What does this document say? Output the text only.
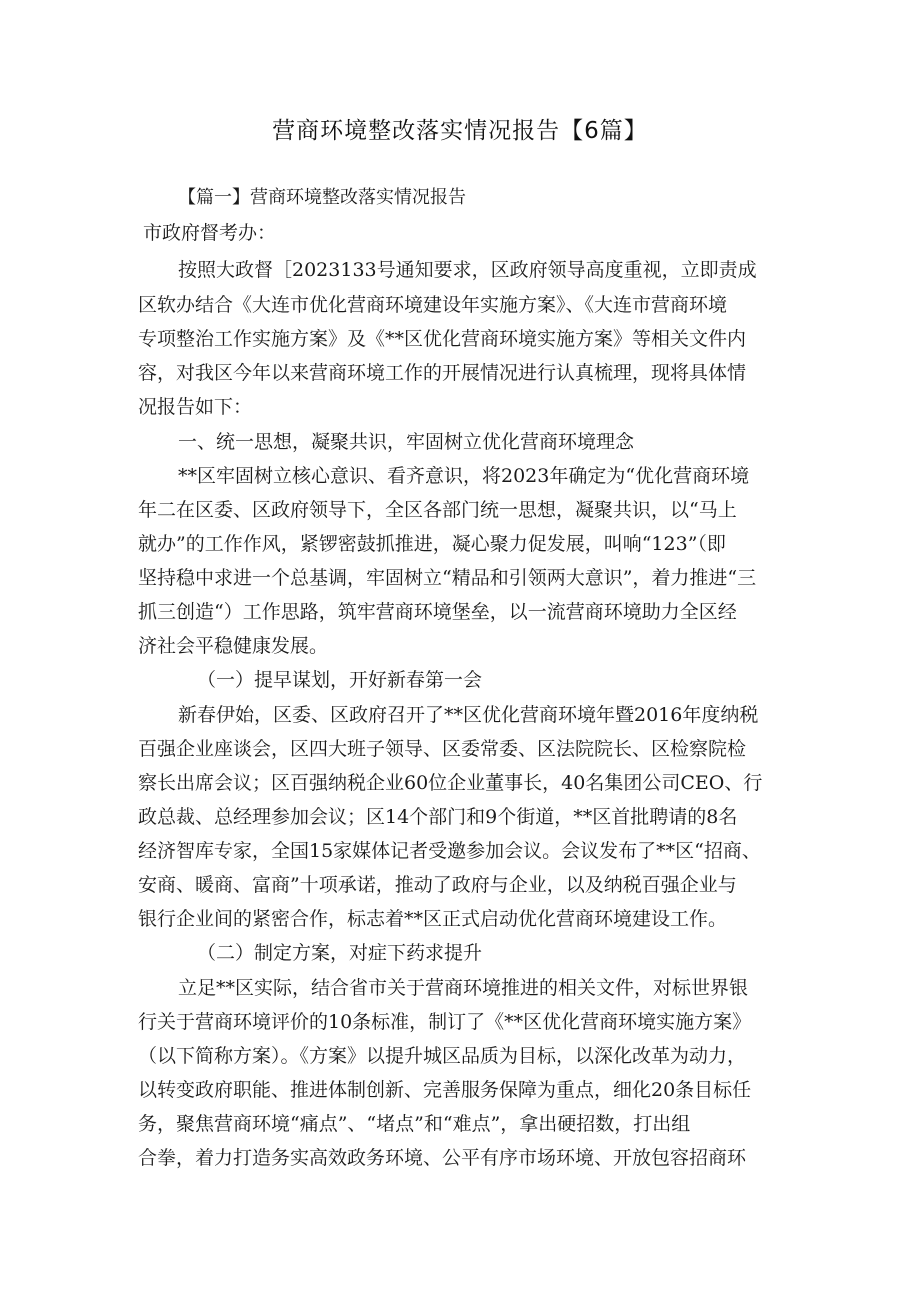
营商环境整改落实情况报告【6篇】
【篇一】营商环境整改落实情况报告
市政府督考办：
按照大政督［2023133号通知要求，区政府领导高度重视，立即责成
区软办结合《大连市优化营商环境建设年实施方案》、《大连市营商环境
专项整治工作实施方案》及《**区优化营商环境实施方案》等相关文件内
容，对我区今年以来营商环境工作的开展情况进行认真梳理，现将具体情
况报告如下：
一、统一思想，凝聚共识，牢固树立优化营商环境理念
**区牢固树立核心意识、看齐意识，将2023年确定为“优化营商环境
年二在区委、区政府领导下，全区各部门统一思想，凝聚共识，以“马上
就办”的工作作风，紧锣密鼓抓推进，凝心聚力促发展，叫响“123”（即
坚持稳中求进一个总基调，牢固树立“精品和引领两大意识”，着力推进“三
抓三创造“）工作思路，筑牢营商环境堡垒，以一流营商环境助力全区经
济社会平稳健康发展。
（一）提早谋划，开好新春第一会
新春伊始，区委、区政府召开了**区优化营商环境年暨2016年度纳税
百强企业座谈会，区四大班子领导、区委常委、区法院院长、区检察院检
察长出席会议；区百强纳税企业60位企业董事长，40名集团公司CEO、行
政总裁、总经理参加会议；区14个部门和9个街道，**区首批聘请的8名
经济智库专家，全国15家媒体记者受邀参加会议。会议发布了**区“招商、
安商、暖商、富商”十项承诺，推动了政府与企业，以及纳税百强企业与
银行企业间的紧密合作，标志着**区正式启动优化营商环境建设工作。
（二）制定方案，对症下药求提升
立足**区实际，结合省市关于营商环境推进的相关文件，对标世界银
行关于营商环境评价的10条标准，制订了《**区优化营商环境实施方案》
（以下简称方案）。《方案》以提升城区品质为目标，以深化改革为动力，
以转变政府职能、推进体制创新、完善服务保障为重点，细化20条目标任
务，聚焦营商环境“痛点”、“堵点”和“难点”，拿出硬招数，打出组
合拳，着力打造务实高效政务环境、公平有序市场环境、开放包容招商环
